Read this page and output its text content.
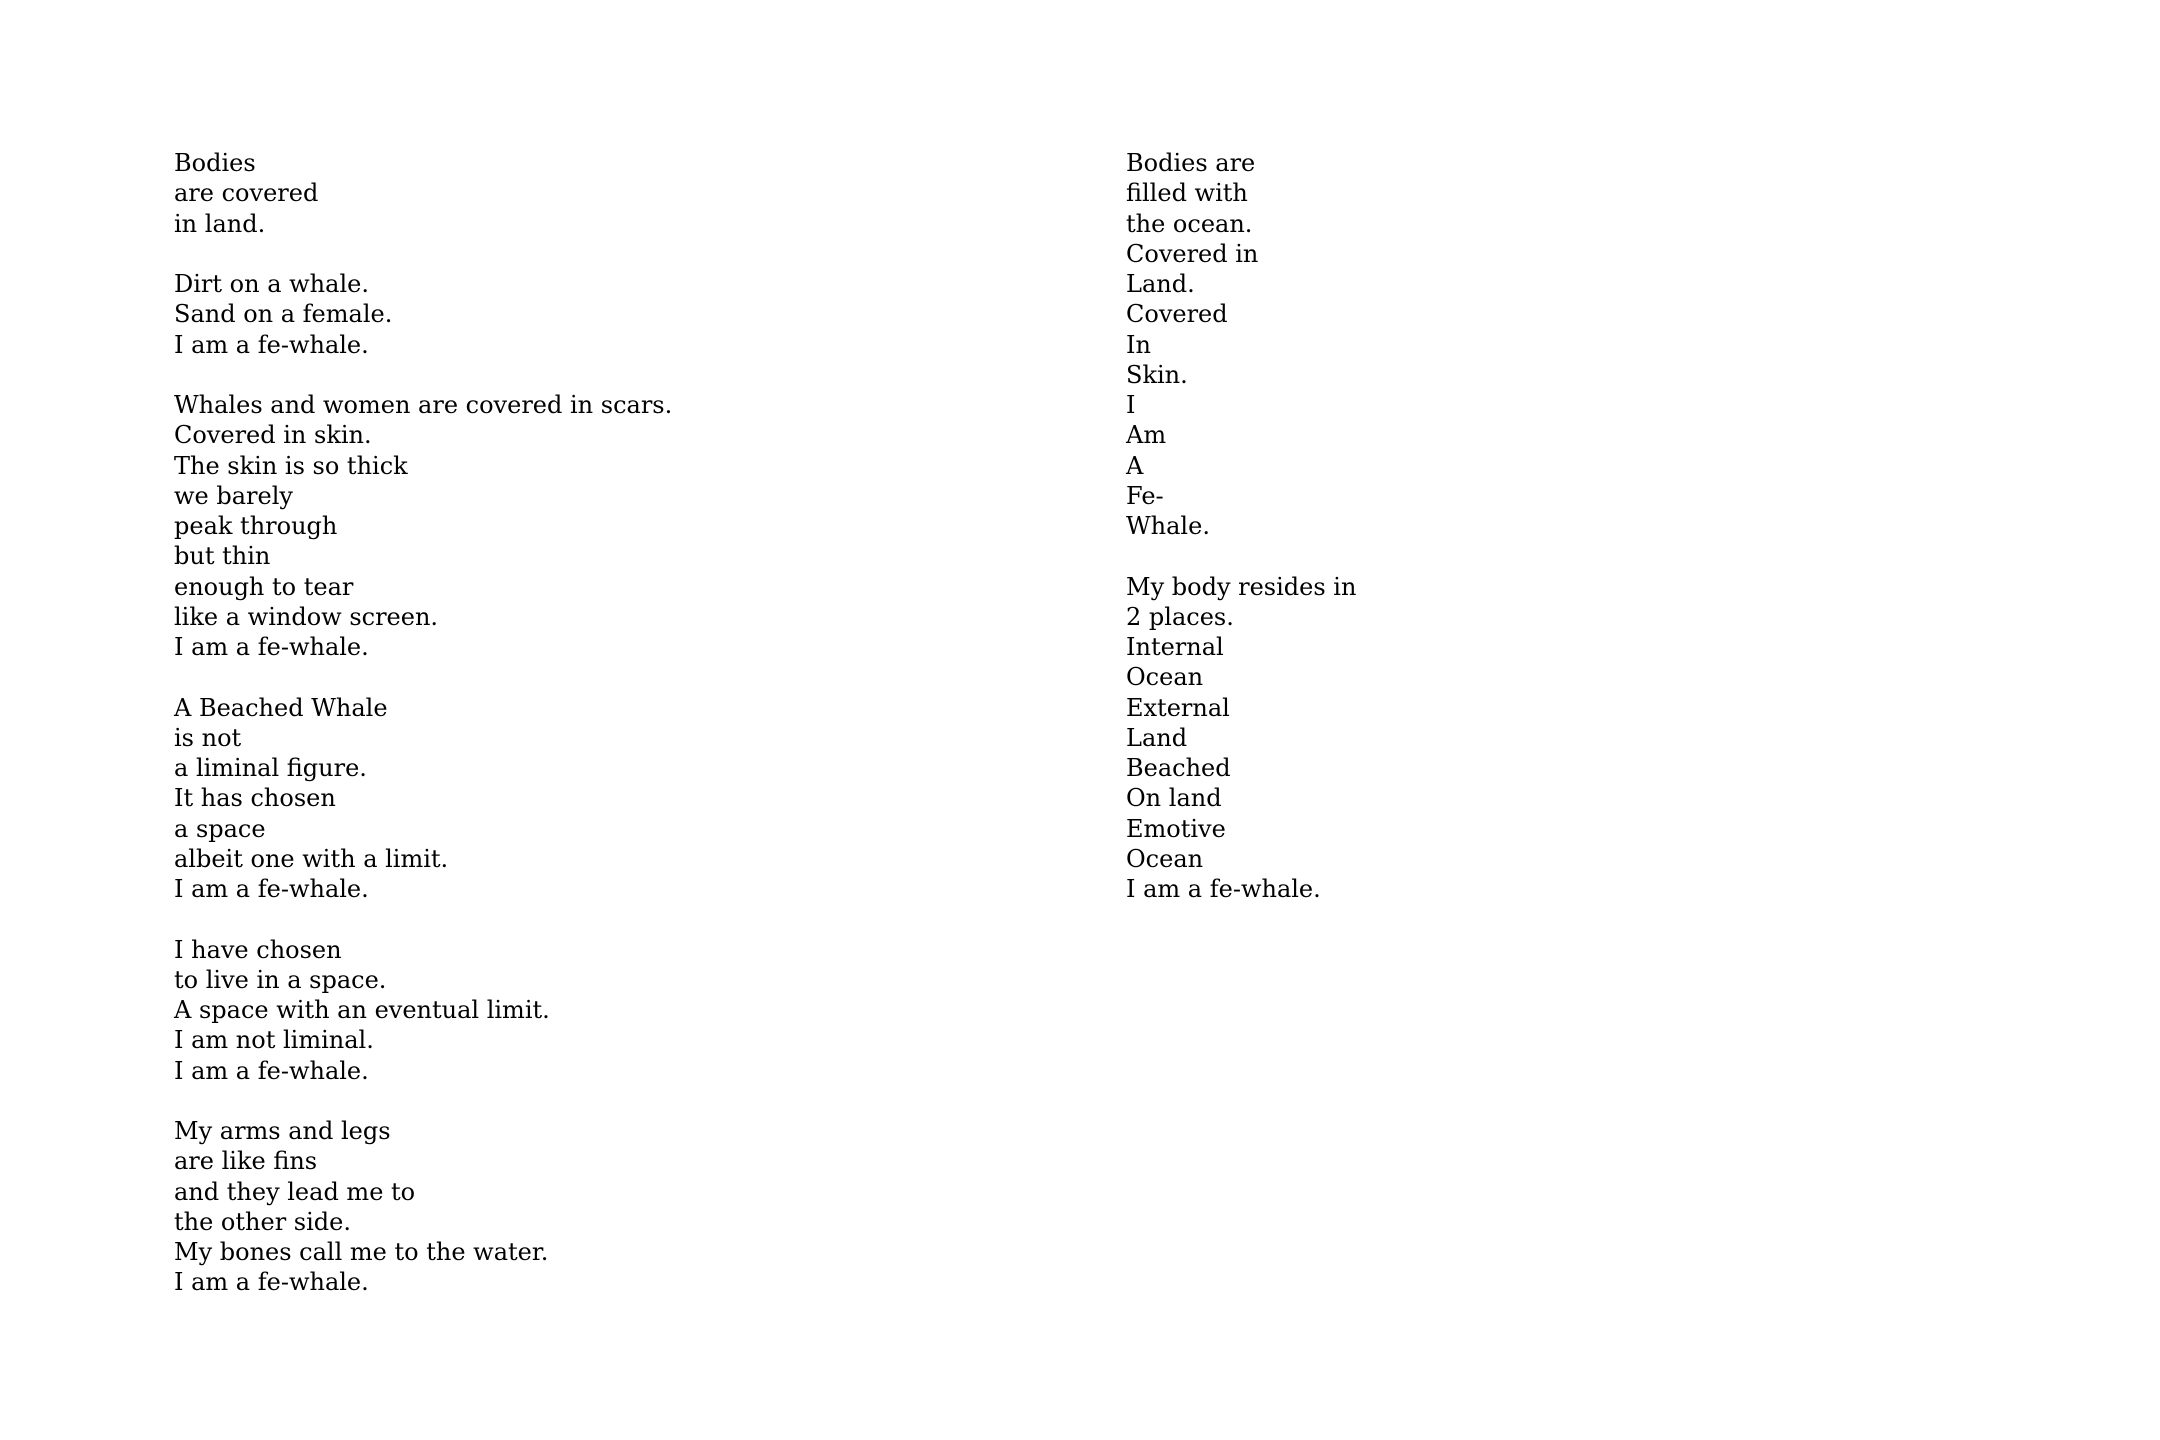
Bodies
are covered
in land.
Dirt on a whale.
Sand on a female.
I am a fe-whale.
Whales and women are covered in scars.
Covered in skin.
The skin is so thick
we barely
peak through
but thin
enough to tear
like a window screen.
I am a fe-whale.
A Beached Whale
is not
a liminal figure.
It has chosen
a space
albeit one with a limit.
I am a fe-whale.
I have chosen
to live in a space.
A space with an eventual limit.
I am not liminal.
I am a fe-whale.
My arms and legs
are like fins
and they lead me to
the other side.
My bones call me to the water.
I am a fe-whale.
Bodies are
filled with
the ocean.
Covered in
Land.
Covered
In
Skin.
I
Am
A
Fe-
Whale.
My body resides in
2 places.
Internal
Ocean
External
Land
Beached
On land
Emotive
Ocean
I am a fe-whale.
